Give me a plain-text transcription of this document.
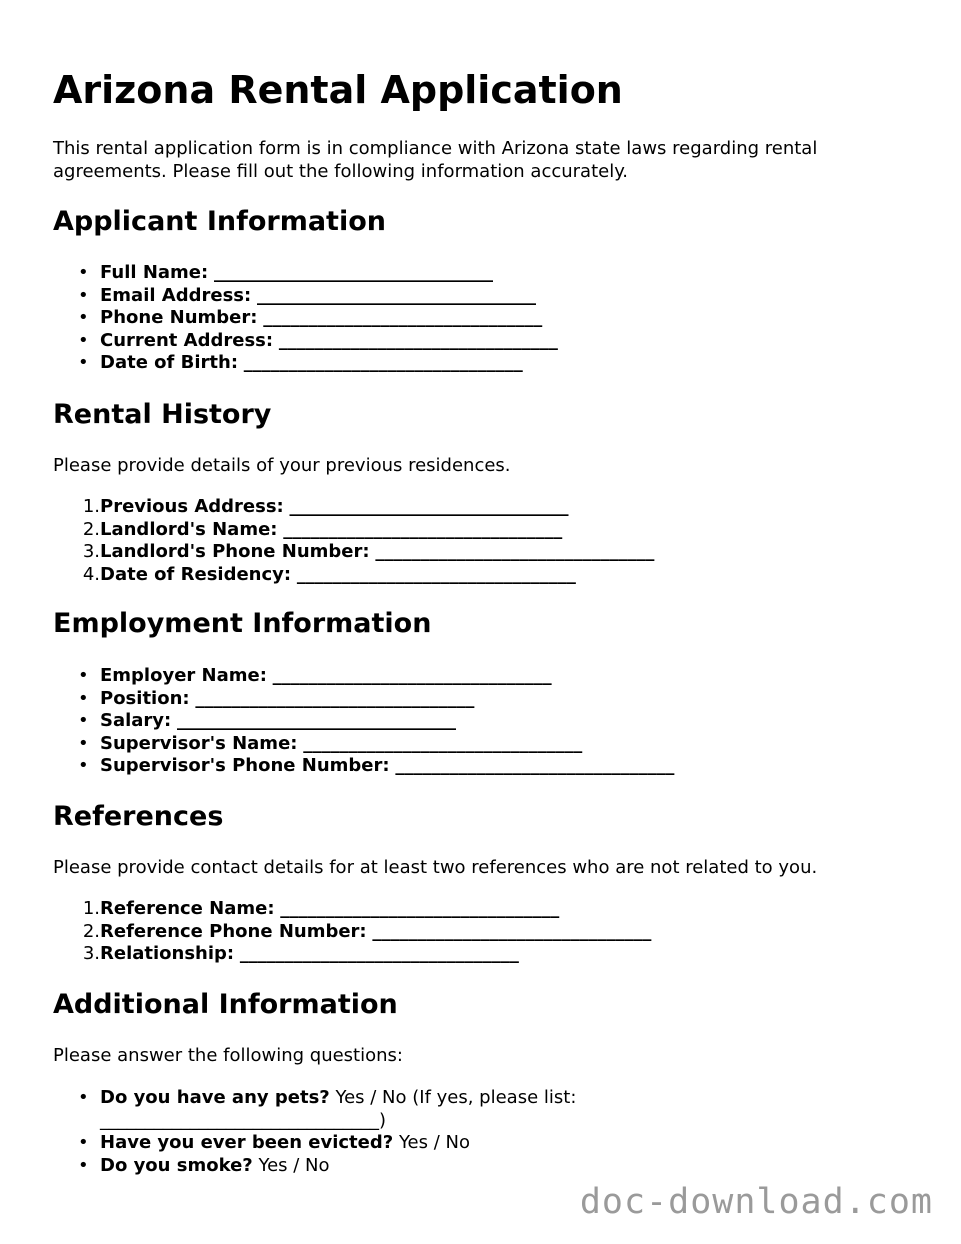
Arizona Rental Application

This rental application form is in compliance with Arizona state laws regarding rental agreements. Please fill out the following information accurately.

Applicant Information
• Full Name: _______________________________
• Email Address: _______________________________
• Phone Number: _______________________________
• Current Address: _______________________________
• Date of Birth: _______________________________
Rental History

Please provide details of your previous residences.

1. Previous Address: _______________________________
2. Landlord's Name: _______________________________
3. Landlord's Phone Number: _______________________________
4. Date of Residency: _______________________________
Employment Information
• Employer Name: _______________________________
• Position: _______________________________
• Salary: _______________________________
• Supervisor's Name: _______________________________
• Supervisor's Phone Number: _______________________________
References

Please provide contact details for at least two references who are not related to you.

1. Reference Name: _______________________________
2. Reference Phone Number: _______________________________
3. Relationship: _______________________________
Additional Information

Please answer the following questions:

• Do you have any pets? Yes / No (If yes, please list: _______________________________)
• Have you ever been evicted? Yes / No
• Do you smoke? Yes / No
doc-download.com
